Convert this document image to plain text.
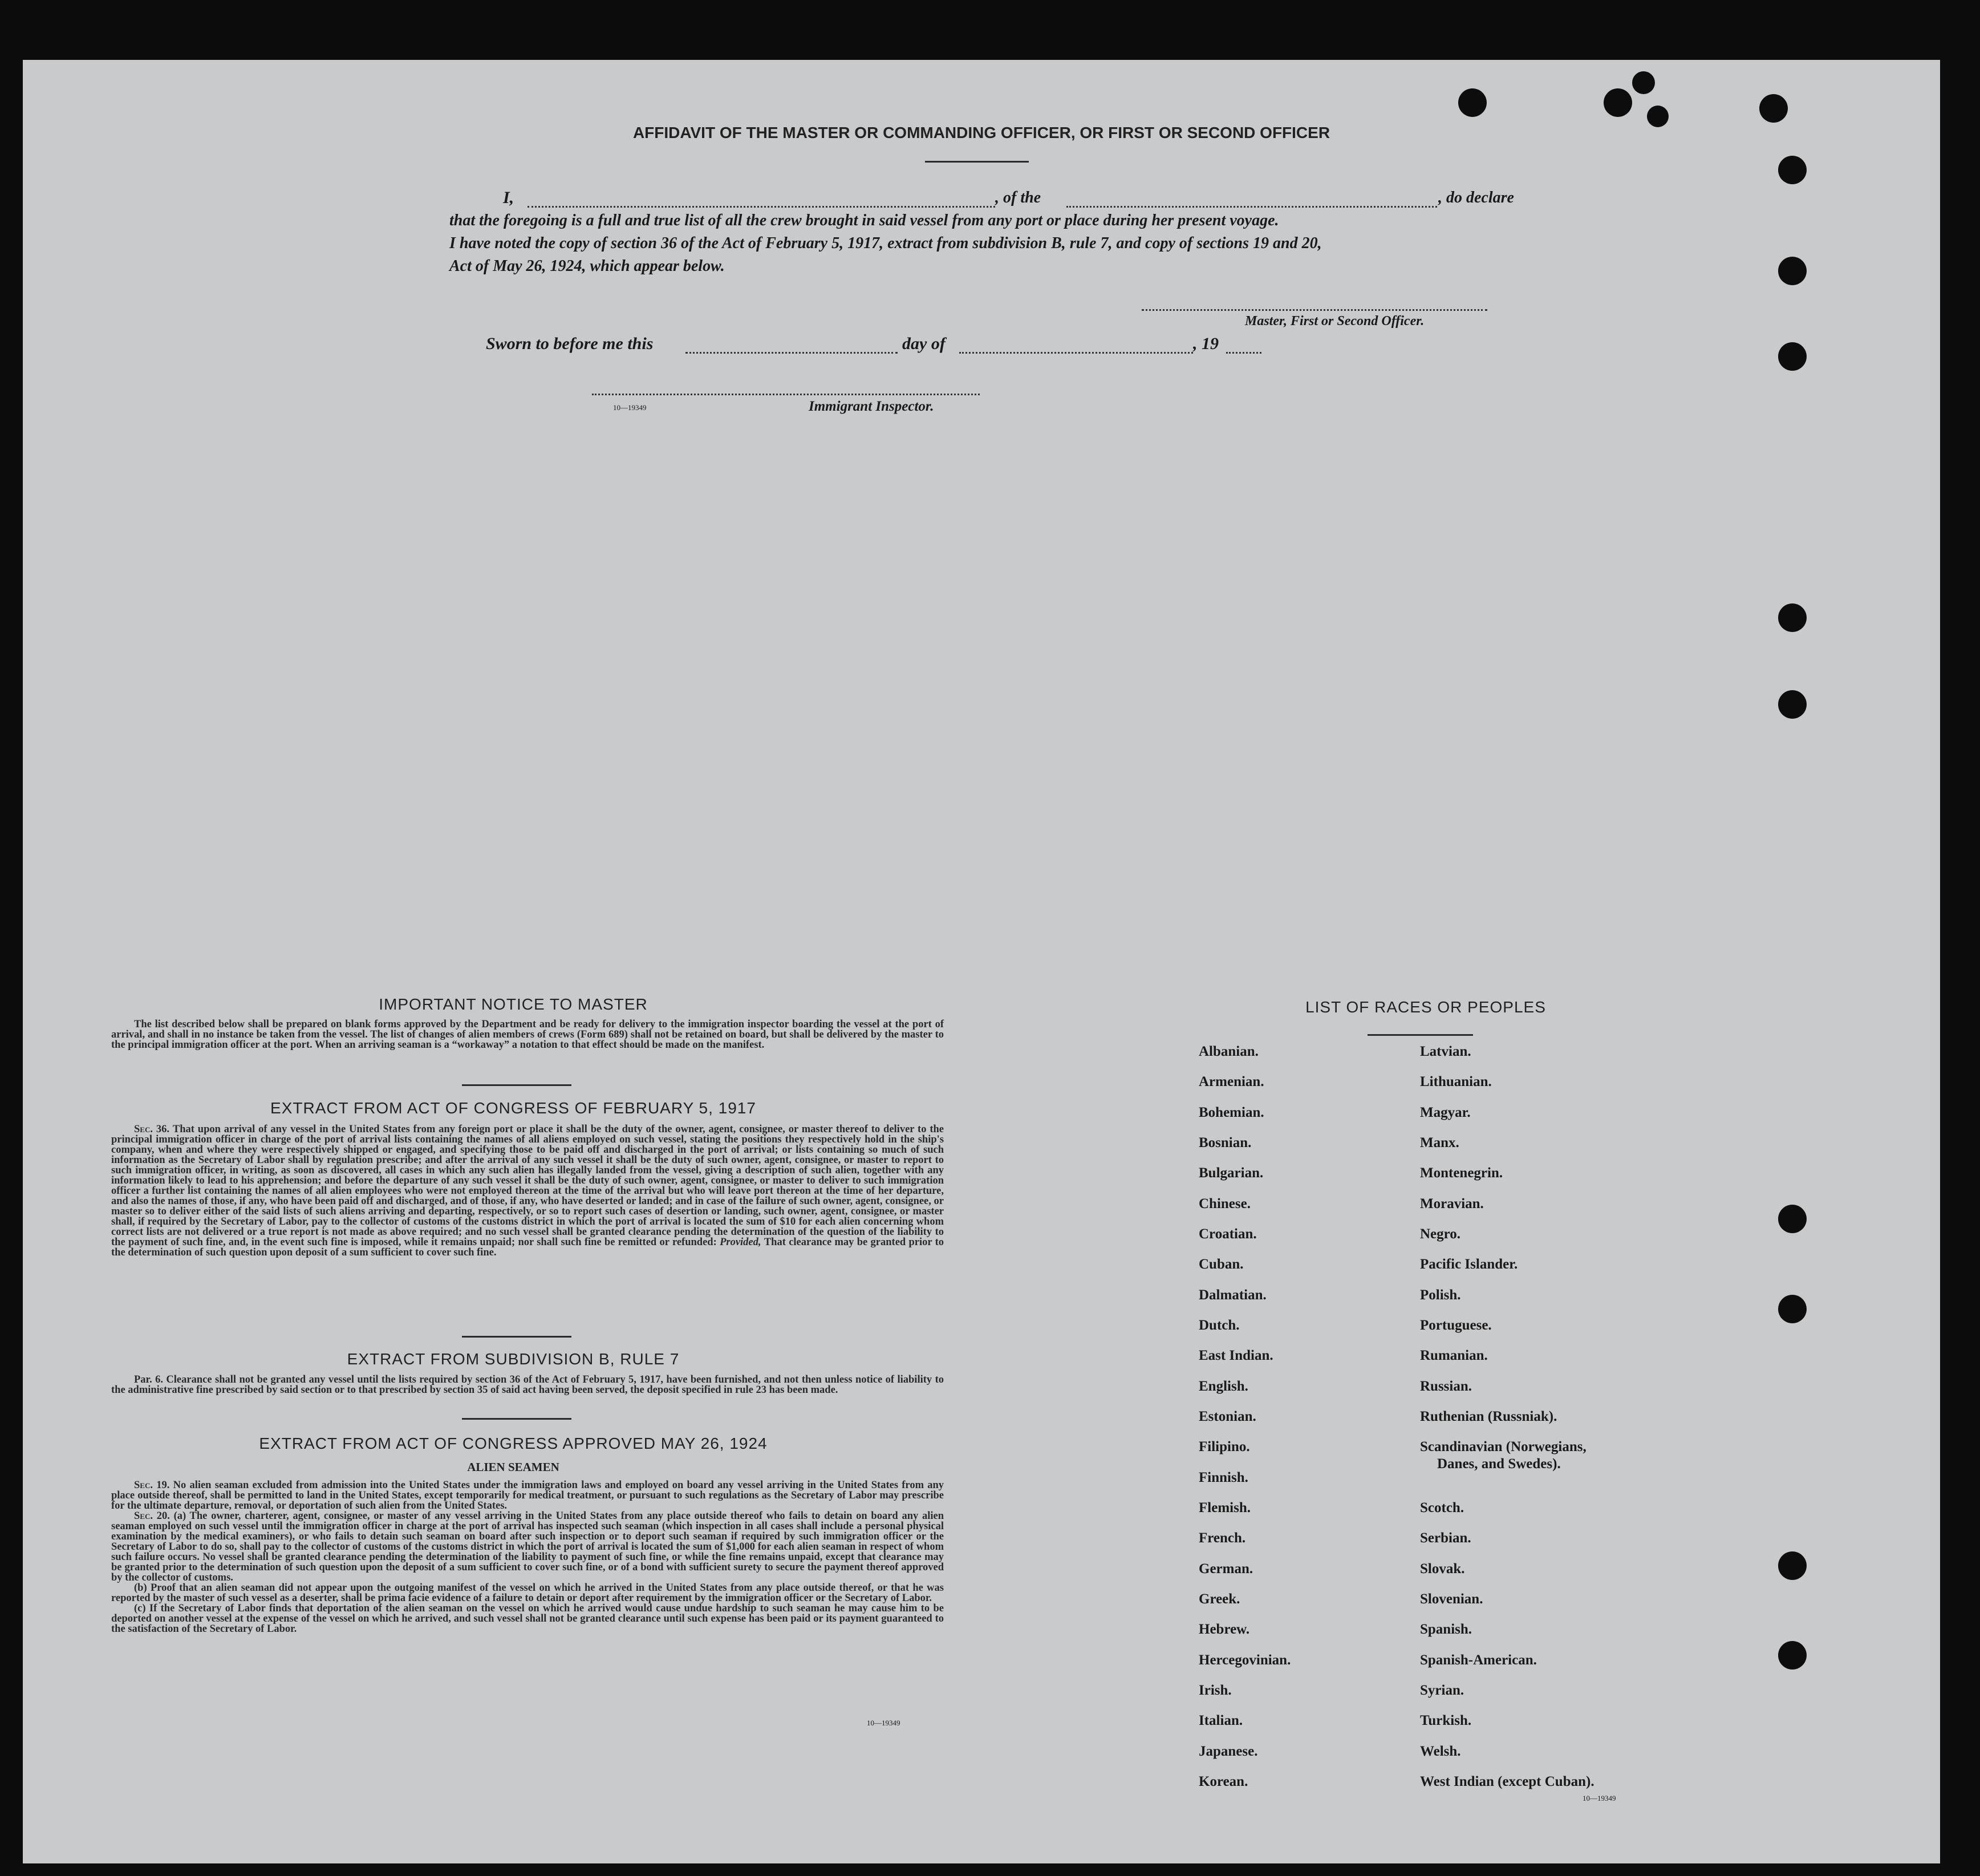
AFFIDAVIT OF THE MASTER OR COMMANDING OFFICER, OR FIRST OR SECOND OFFICER
I,	, of the	, do declare
that the foregoing is a full and true list of all the crew brought in said vessel from any port or place during her present voyage.
I have noted the copy of section 36 of the Act of February 5, 1917, extract from subdivision B, rule 7, and copy of sections 19 and 20,
Act of May 26, 1924, which appear below.
Master, First or Second Officer.
Sworn to before me this	day of	, 19
10—19349	Immigrant Inspector.
IMPORTANT NOTICE TO MASTER

The list described below shall be prepared on blank forms approved by the Department and be ready for delivery to the immigration inspector boarding the vessel at the port of arrival, and shall in no instance be taken from the vessel. The list of changes of alien members of crews (Form 689) shall not be retained on board, but shall be delivered by the master to the principal immigration officer at the port. When an arriving seaman is a “workaway” a notation to that effect should be made on the manifest.

EXTRACT FROM ACT OF CONGRESS OF FEBRUARY 5, 1917

Sec. 36. That upon arrival of any vessel in the United States from any foreign port or place it shall be the duty of the owner, agent, consignee, or master thereof to deliver to the principal immigration officer in charge of the port of arrival lists containing the names of all aliens employed on such vessel, stating the positions they respectively hold in the ship's company, when and where they were respectively shipped or engaged, and specifying those to be paid off and discharged in the port of arrival; or lists containing so much of such information as the Secretary of Labor shall by regulation prescribe; and after the arrival of any such vessel it shall be the duty of such owner, agent, consignee, or master to report to such immigration officer, in writing, as soon as discovered, all cases in which any such alien has illegally landed from the vessel, giving a description of such alien, together with any information likely to lead to his apprehension; and before the departure of any such vessel it shall be the duty of such owner, agent, consignee, or master to deliver to such immigration officer a further list containing the names of all alien employees who were not employed thereon at the time of the arrival but who will leave port thereon at the time of her departure, and also the names of those, if any, who have been paid off and discharged, and of those, if any, who have deserted or landed; and in case of the failure of such owner, agent, consignee, or master so to deliver either of the said lists of such aliens arriving and departing, respectively, or so to report such cases of desertion or landing, such owner, agent, consignee, or master shall, if required by the Secretary of Labor, pay to the collector of customs of the customs district in which the port of arrival is located the sum of $10 for each alien concerning whom correct lists are not delivered or a true report is not made as above required; and no such vessel shall be granted clearance pending the determination of the question of the liability to the payment of such fine, and, in the event such fine is imposed, while it remains unpaid; nor shall such fine be remitted or refunded: Provided, That clearance may be granted prior to the determination of such question upon deposit of a sum sufficient to cover such fine.

EXTRACT FROM SUBDIVISION B, RULE 7

Par. 6. Clearance shall not be granted any vessel until the lists required by section 36 of the Act of February 5, 1917, have been furnished, and not then unless notice of liability to the administrative fine prescribed by said section or to that prescribed by section 35 of said act having been served, the deposit specified in rule 23 has been made.

EXTRACT FROM ACT OF CONGRESS APPROVED MAY 26, 1924
ALIEN SEAMEN

Sec. 19. No alien seaman excluded from admission into the United States under the immigration laws and employed on board any vessel arriving in the United States from any place outside thereof, shall be permitted to land in the United States, except temporarily for medical treatment, or pursuant to such regulations as the Secretary of Labor may prescribe for the ultimate departure, removal, or deportation of such alien from the United States.

Sec. 20. (a) The owner, charterer, agent, consignee, or master of any vessel arriving in the United States from any place outside thereof who fails to detain on board any alien seaman employed on such vessel until the immigration officer in charge at the port of arrival has inspected such seaman (which inspection in all cases shall include a personal physical examination by the medical examiners), or who fails to detain such seaman on board after such inspection or to deport such seaman if required by such immigration officer or the Secretary of Labor to do so, shall pay to the collector of customs of the customs district in which the port of arrival is located the sum of $1,000 for each alien seaman in respect of whom such failure occurs. No vessel shall be granted clearance pending the determination of the liability to payment of such fine, or while the fine remains unpaid, except that clearance may be granted prior to the determination of such question upon the deposit of a sum sufficient to cover such fine, or of a bond with sufficient surety to secure the payment thereof approved by the collector of customs.

(b) Proof that an alien seaman did not appear upon the outgoing manifest of the vessel on which he arrived in the United States from any place outside thereof, or that he was reported by the master of such vessel as a deserter, shall be prima facie evidence of a failure to detain or deport after requirement by the immigration officer or the Secretary of Labor.

(c) If the Secretary of Labor finds that deportation of the alien seaman on the vessel on which he arrived would cause undue hardship to such seaman he may cause him to be deported on another vessel at the expense of the vessel on which he arrived, and such vessel shall not be granted clearance until such expense has been paid or its payment guaranteed to the satisfaction of the Secretary of Labor.

10—19349
LIST OF RACES OR PEOPLES
Albanian.
Armenian.
Bohemian.
Bosnian.
Bulgarian.
Chinese.
Croatian.
Cuban.
Dalmatian.
Dutch.
East Indian.
English.
Estonian.
Filipino.
Finnish.
Flemish.
French.
German.
Greek.
Hebrew.
Hercegovinian.
Irish.
Italian.
Japanese.
Korean.
Latvian.
Lithuanian.
Magyar.
Manx.
Montenegrin.
Moravian.
Negro.
Pacific Islander.
Polish.
Portuguese.
Rumanian.
Russian.
Ruthenian (Russniak).
Scandinavian (Norwegians,
Danes, and Swedes).
Scotch.
Serbian.
Slovak.
Slovenian.
Spanish.
Spanish-American.
Syrian.
Turkish.
Welsh.
West Indian (except Cuban).
10—19349
